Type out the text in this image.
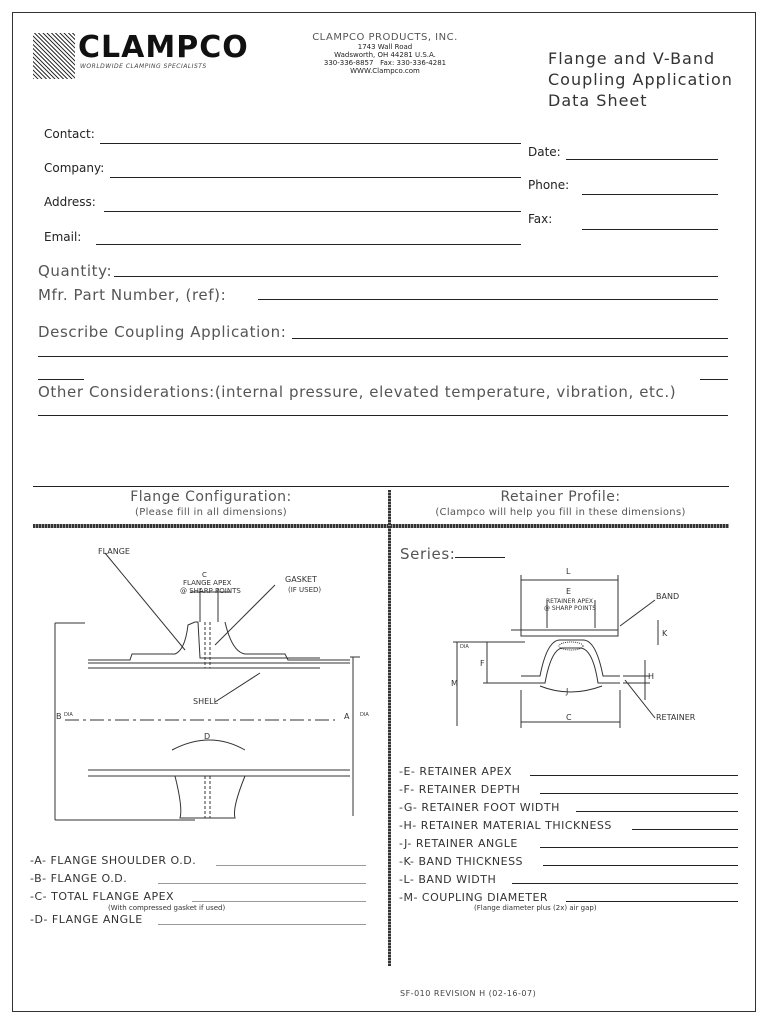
CLAMPCO
WORLDWIDE CLAMPING SPECIALISTS
CLAMPCO PRODUCTS, INC.
1743 Wall Road
Wadsworth, OH 44281 U.S.A.
330-336-8857   Fax: 330-336-4281
WWW.Clampco.com
Flange and V-Band
Coupling Application
Data Sheet
Contact:
Company:
Address:
Email:
Date:
Phone:
Fax:
Quantity:
Mfr. Part Number, (ref):
Describe Coupling Application:
Other Considerations:(internal pressure, elevated temperature, vibration, etc.)
Flange Configuration:
(Please fill in all dimensions)
Retainer Profile:
(Clampco will help you fill in these dimensions)
FLANGE
C
FLANGE APEX
@ SHARP POINTS
GASKET
(IF USED)
SHELL
D
A DIA
B DIA
-A- FLANGE SHOULDER O.D.
-B- FLANGE O.D.
-C- TOTAL FLANGE APEX
(With compressed gasket if used)
-D- FLANGE ANGLE
Series:
L
E
RETAINER APEX
@ SHARP POINTS
BAND
K
F
M
DIA
H
J
C	RETAINER
-E- RETAINER APEX
-F- RETAINER DEPTH
-G- RETAINER FOOT WIDTH
-H- RETAINER MATERIAL THICKNESS
-J- RETAINER ANGLE
-K- BAND THICKNESS
-L- BAND WIDTH
-M- COUPLING DIAMETER
(Flange diameter plus (2x) air gap)
SF-010 REVISION H (02-16-07)
